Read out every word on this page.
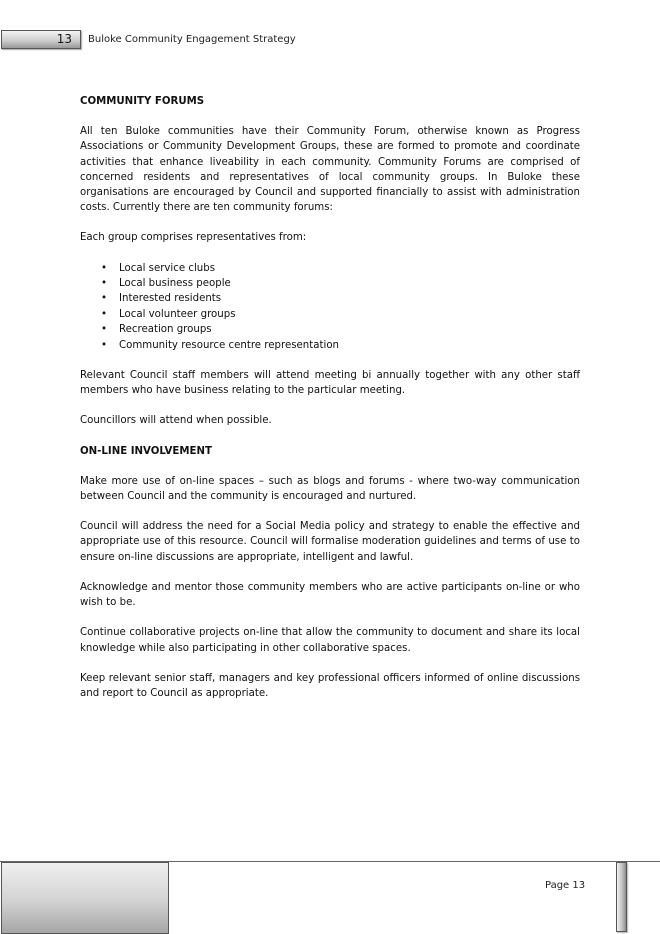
13 Buloke Community Engagement Strategy
COMMUNITY FORUMS

All ten Buloke communities have their Community Forum, otherwise known as Progress Associations or Community Development Groups, these are formed to promote and coordinate activities that enhance liveability in each community. Community Forums are comprised of concerned residents and representatives of local community groups. In Buloke these organisations are encouraged by Council and supported financially to assist with administration costs. Currently there are ten community forums:

Each group comprises representatives from:

• Local service clubs
• Local business people
• Interested residents
• Local volunteer groups
• Recreation groups
• Community resource centre representation

Relevant Council staff members will attend meeting bi annually together with any other staff members who have business relating to the particular meeting.

Councillors will attend when possible.

ON-LINE INVOLVEMENT

Make more use of on-line spaces – such as blogs and forums - where two-way communication between Council and the community is encouraged and nurtured.

Council will address the need for a Social Media policy and strategy to enable the effective and appropriate use of this resource. Council will formalise moderation guidelines and terms of use to ensure on-line discussions are appropriate, intelligent and lawful.

Acknowledge and mentor those community members who are active participants on-line or who wish to be.

Continue collaborative projects on-line that allow the community to document and share its local knowledge while also participating in other collaborative spaces.

Keep relevant senior staff, managers and key professional officers informed of online discussions and report to Council as appropriate.

Page 13
